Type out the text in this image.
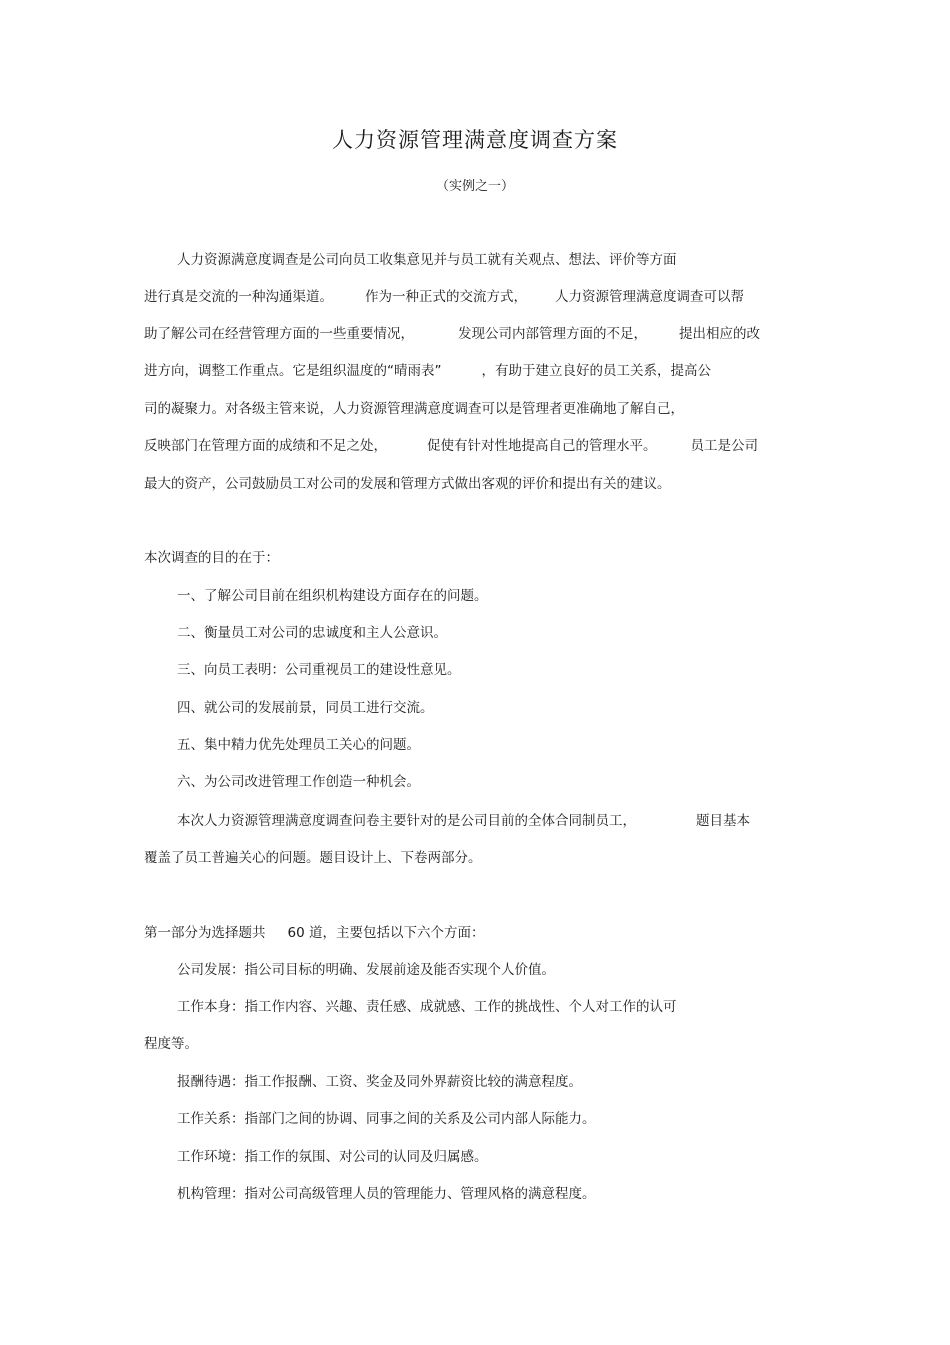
人力资源管理满意度调查方案
（实例之一）
人力资源满意度调查是公司向员工收集意见并与员工就有关观点、想法、评价等方面
进行真是交流的一种沟通渠道。 作为一种正式的交流方式， 人力资源管理满意度调查可以帮
助了解公司在经营管理方面的一些重要情况，	发现公司内部管理方面的不足， 提出相应的改
进方向，调整工作重点。它是组织温度的“晴雨表”	，有助于建立良好的员工关系，提高公
司的凝聚力。对各级主管来说，人力资源管理满意度调查可以是管理者更准确地了解自己，
反映部门在管理方面的成绩和不足之处，	促使有针对性地提高自己的管理水平。	员工是公司
最大的资产，公司鼓励员工对公司的发展和管理方式做出客观的评价和提出有关的建议。
本次调查的目的在于：
一、了解公司目前在组织机构建设方面存在的问题。
二、衡量员工对公司的忠诚度和主人公意识。
三、向员工表明：公司重视员工的建设性意见。
四、就公司的发展前景，同员工进行交流。
五、集中精力优先处理员工关心的问题。
六、为公司改进管理工作创造一种机会。
本次人力资源管理满意度调查问卷主要针对的是公司目前的全体合同制员工，	题目基本
覆盖了员工普遍关心的问题。题目设计上、下卷两部分。
第一部分为选择题共 60 道，主要包括以下六个方面：
公司发展：指公司目标的明确、发展前途及能否实现个人价值。
工作本身：指工作内容、兴趣、责任感、成就感、工作的挑战性、个人对工作的认可
程度等。
报酬待遇：指工作报酬、工资、奖金及同外界薪资比较的满意程度。
工作关系：指部门之间的协调、同事之间的关系及公司内部人际能力。
工作环境：指工作的氛围、对公司的认同及归属感。
机构管理：指对公司高级管理人员的管理能力、管理风格的满意程度。
